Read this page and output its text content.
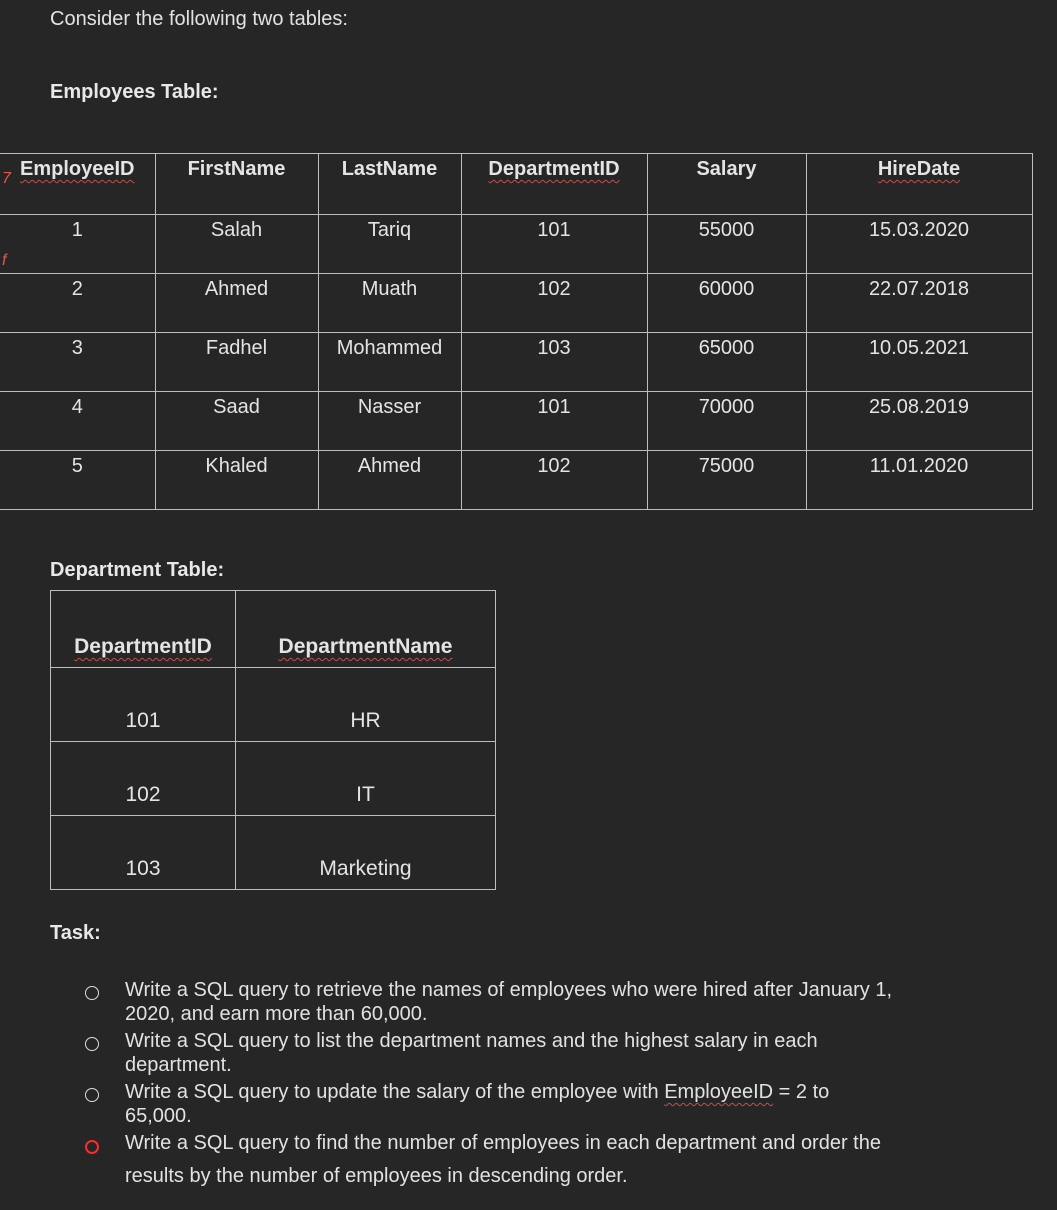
Consider the following two tables:
Employees Table:
7
f
EmployeeID	FirstName	LastName	DepartmentID	Salary	HireDate
1	Salah	Tariq	101	55000	15.03.2020
2	Ahmed	Muath	102	60000	22.07.2018
3	Fadhel	Mohammed	103	65000	10.05.2021
4	Saad	Nasser	101	70000	25.08.2019
5	Khaled	Ahmed	102	75000	11.01.2020
Department Table:
DepartmentID	DepartmentName
101	HR
102	IT
103	Marketing
Task:
Write a SQL query to retrieve the names of employees who were hired after January 1,
2020, and earn more than 60,000.
Write a SQL query to list the department names and the highest salary in each
department.
Write a SQL query to update the salary of the employee with EmployeeID = 2 to
65,000.
Write a SQL query to find the number of employees in each department and order the
results by the number of employees in descending order.
